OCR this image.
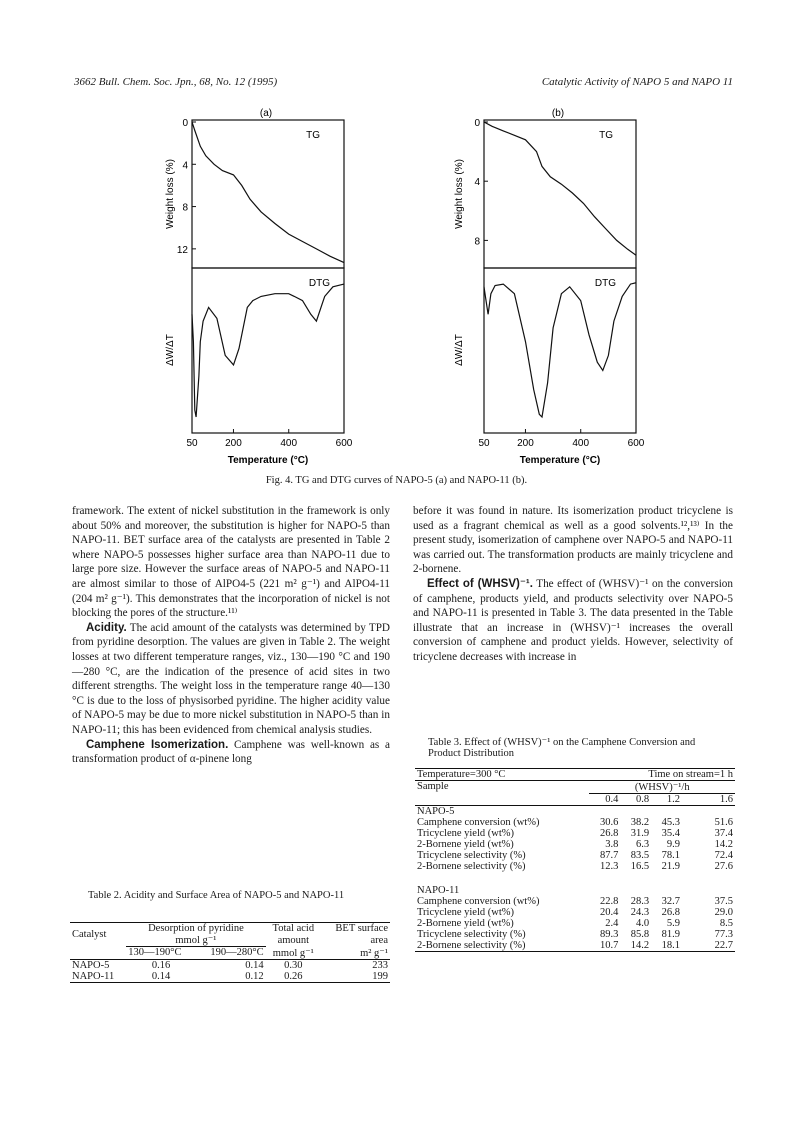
3662 Bull. Chem. Soc. Jpn., 68, No. 12 (1995)	Catalytic Activity of NAPO 5 and NAPO 11
(a)
TG
DTG
Weight loss (%)
ΔW/ΔT
Temperature (°C)
50	200	400	600
0
4
8
12
(b)
TG
DTG
Weight loss (%)
ΔW/ΔT
Temperature (°C)
50	200	400	600
0
4
8
Fig. 4. TG and DTG curves of NAPO-5 (a) and NAPO-11 (b).

framework. The extent of nickel substitution in the framework is only about 50% and moreover, the substitution is higher for NAPO-5 than NAPO-11. BET surface area of the catalysts are presented in Table 2 where NAPO-5 possesses higher surface area than NAPO-11 due to large pore size. However the surface areas of NAPO-5 and NAPO-11 are almost similar to those of AlPO4-5 (221 m² g⁻¹) and AlPO4-11 (204 m² g⁻¹). This demonstrates that the incorporation of nickel is not blocking the pores of the structure.¹¹⁾

Acidity. The acid amount of the catalysts was determined by TPD from pyridine desorption. The values are given in Table 2. The weight losses at two different temperature ranges, viz., 130—190 °C and 190—280 °C, are the indication of the presence of acid sites in two different strengths. The weight loss in the temperature range 40—130 °C is due to the loss of physisorbed pyridine. The higher acidity value of NAPO-5 may be due to more nickel substitution in NAPO-5 than in NAPO-11; this has been evidenced from chemical analysis studies.

Camphene Isomerization. Camphene was well-known as a transformation product of α-pinene long

Table 2. Acidity and Surface Area of NAPO-5 and NAPO-11
Catalyst	Desorption of pyridine		Total acid	BET surface
	mmol g⁻¹		amount	area
	130—190°C	190—280°C	mmol g⁻¹	m² g⁻¹
NAPO-5	0.16	0.14	0.30	233
NAPO-11	0.14	0.12	0.26	199

before it was found in nature. Its isomerization product tricyclene is used as a fragrant chemical as well as a good solvents.¹²,¹³⁾ In the present study, isomerization of camphene over NAPO-5 and NAPO-11 was carried out. The transformation products are mainly tricyclene and 2-bornene.

Effect of (WHSV)⁻¹. The effect of (WHSV)⁻¹ on the conversion of camphene, products yield, and products selectivity over NAPO-5 and NAPO-11 is presented in Table 3. The data presented in the Table illustrate that an increase in (WHSV)⁻¹ increases the overall conversion of camphene and product yields. However, selectivity of tricyclene decreases with increase in

Table 3. Effect of (WHSV)⁻¹ on the Camphene Conversion and Product Distribution
Temperature=300 °C	Time on stream=1 h			
Sample	(WHSV)⁻¹/h			
	0.4	0.8	1.2	1.6
NAPO-5				
Camphene conversion (wt%)	30.6	38.2	45.3	51.6
Tricyclene yield (wt%)	26.8	31.9	35.4	37.4
2-Bornene yield (wt%)	3.8	6.3	9.9	14.2
Tricyclene selectivity (%)	87.7	83.5	78.1	72.4
2-Bornene selectivity (%)	12.3	16.5	21.9	27.6
NAPO-11				
Camphene conversion (wt%)	22.8	28.3	32.7	37.5
Tricyclene yield (wt%)	20.4	24.3	26.8	29.0
2-Bornene yield (wt%)	2.4	4.0	5.9	8.5
Tricyclene selectivity (%)	89.3	85.8	81.9	77.3
2-Bornene selectivity (%)	10.7	14.2	18.1	22.7
